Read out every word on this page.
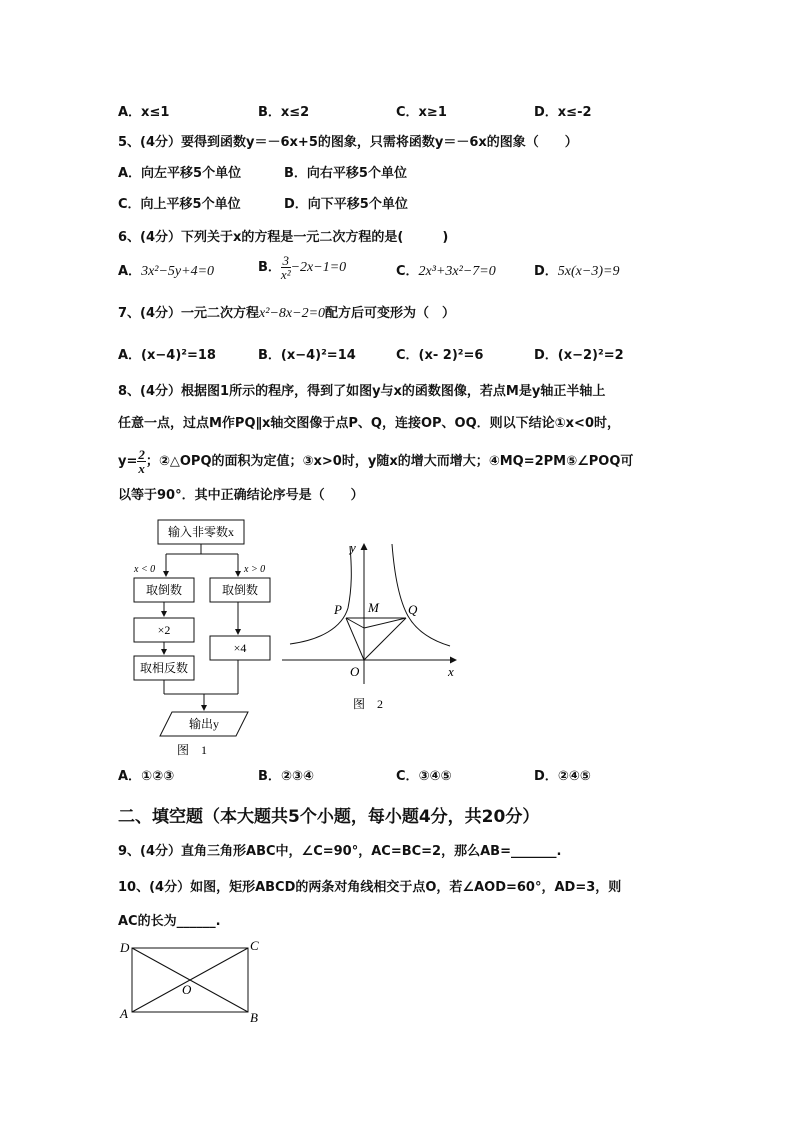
A．x≤1	B．x≤2	C．x≥1	D．x≤-2
5、(4分）要得到函数y＝－6x+5的图象，只需将函数y＝－6x的图象（　　）
A．向左平移5个单位	B．向右平移5个单位
C．向上平移5个单位	D．向下平移5个单位
6、(4分）下列关于x的方程是一元二次方程的是(　　　)
A．3x²−5y+4=0	B． $\frac{3}{\text{x²}} -2x-1=0$	C．2x³+3x²−7=0	D．5x(x−3)=9
7、(4分）一元二次方程x²−8x−2=0配方后可变形为（　）
A．(x−4)²=18	B．(x−4)²=14	C．(x- 2)²=6	D．(x−2)²=2
8、(4分）根据图1所示的程序，得到了如图y与x的函数图像，若点M是y轴正半轴上
任意一点，过点M作PQ∥x轴交图像于点P、Q，连接OP、OQ．则以下结论①x<0时，
$y= \frac{2}{x}$ ；②△OPQ的面积为定值；③x>0时，y随x的增大而增大；④MQ=2PM⑤∠POQ可
以等于90°．其中正确结论序号是（　　）
输入非零数x
x < 0	x > 0
取倒数	取倒数
×2
取相反数
×4
输出y
图　1
y
x
P M Q
O
图　2
A．①②③	B．②③④	C．③④⑤	D．②④⑤
二、填空题（本大题共5个小题，每小题4分，共20分）
9、(4分）直角三角形ABC中，∠C=90°，AC=BC=2，那么AB=_______.
10、(4分）如图，矩形ABCD的两条对角线相交于点O，若∠AOD=60°，AD=3，则
AC的长为______.
D	C
A	B
O
